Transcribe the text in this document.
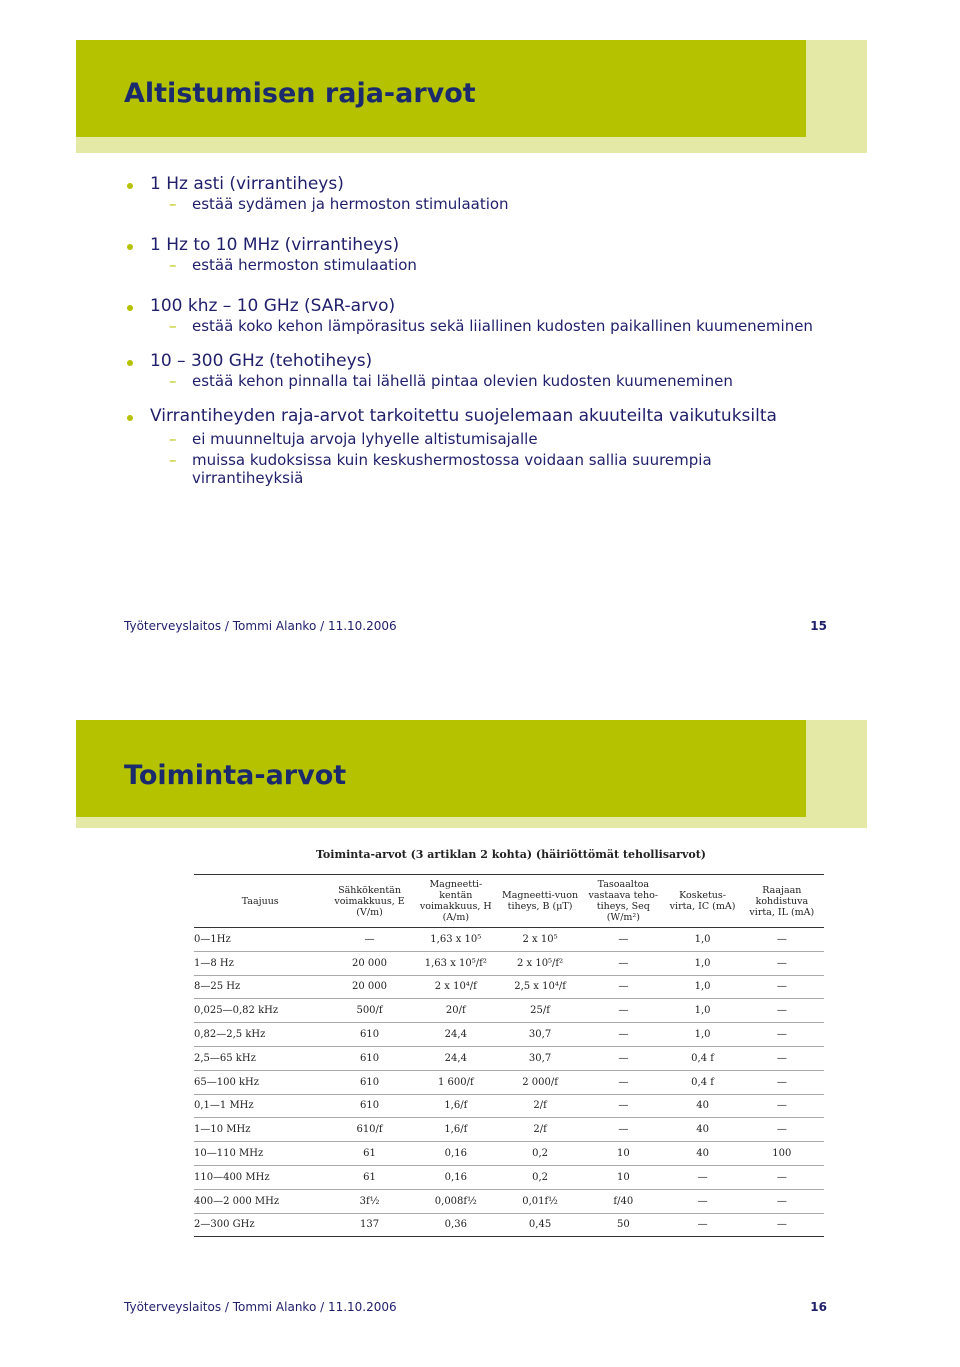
Altistumisen raja-arvot
1 Hz asti (virrantiheys)
– estää sydämen ja hermoston stimulaation
1 Hz to 10 MHz (virrantiheys)
– estää hermoston stimulaation
100 khz – 10 GHz (SAR-arvo)
– estää koko kehon lämpörasitus sekä liiallinen kudosten paikallinen kuumeneminen
10 – 300 GHz (tehotiheys)
– estää kehon pinnalla tai lähellä pintaa olevien kudosten kuumeneminen
Virrantiheyden raja-arvot tarkoitettu suojelemaan akuuteilta vaikutuksilta
– ei muunneltuja arvoja lyhyelle altistumisajalle
– muissa kudoksissa kuin keskushermostossa voidaan sallia suurempia virrantiheyksiä
Työterveyslaitos / Tommi Alanko / 11.10.2006	15
Toiminta-arvot
Toiminta-arvot (3 artiklan 2 kohta) (häiriöttömät tehollisarvot)
Taajuus	Sähkökentän voimakkuus, E (V/m)	Magneetti-kentän voimakkuus, H (A/m)	Magneetti-vuon tiheys, B (μT)	Tasoaaltoa vastaava teho-tiheys, Seq (W/m²)	Kosketus-virta, IC (mA)	Raajaan kohdistuva virta, IL (mA)
0—1Hz	—	1,63 x 10⁵	2 x 10⁵	—	1,0	—
1—8 Hz	20 000	1,63 x 10⁵/f²	2 x 10⁵/f²	—	1,0	—
8—25 Hz	20 000	2 x 10⁴/f	2,5 x 10⁴/f	—	1,0	—
0,025—0,82 kHz	500/f	20/f	25/f	—	1,0	—
0,82—2,5 kHz	610	24,4	30,7	—	1,0	—
2,5—65 kHz	610	24,4	30,7	—	0,4 f	—
65—100 kHz	610	1 600/f	2 000/f	—	0,4 f	—
0,1—1 MHz	610	1,6/f	2/f	—	40	—
1—10 MHz	610/f	1,6/f	2/f	—	40	—
10—110 MHz	61	0,16	0,2	10	40	100
110—400 MHz	61	0,16	0,2	10	—	—
400—2 000 MHz	3f½	0,008f½	0,01f½	f/40	—	—
2—300 GHz	137	0,36	0,45	50	—	—
Työterveyslaitos / Tommi Alanko / 11.10.2006	16
